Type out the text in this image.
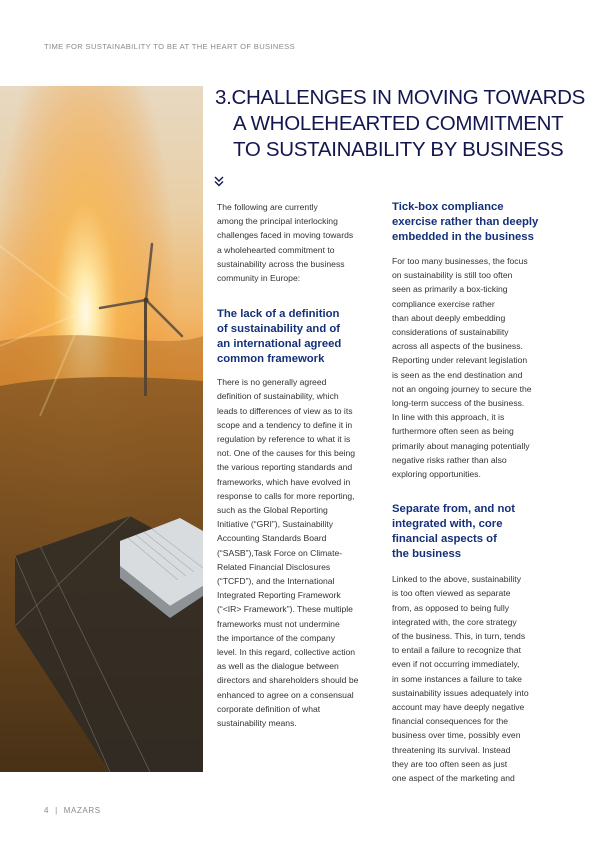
TIME FOR SUSTAINABILITY TO BE AT THE HEART OF BUSINESS
3.CHALLENGES IN MOVING TOWARDS
A WHOLEHEARTED COMMITMENT
TO SUSTAINABILITY BY BUSINESS

The following are currently
among the principal interlocking
challenges faced in moving towards
a wholehearted commitment to
sustainability across the business
community in Europe:

The lack of a definition
of sustainability and of
an international agreed
common framework

There is no generally agreed
definition of sustainability, which
leads to differences of view as to its
scope and a tendency to define it in
regulation by reference to what it is
not. One of the causes for this being
the various reporting standards and
frameworks, which have evolved in
response to calls for more reporting,
such as the Global Reporting
Initiative (“GRI”), Sustainability
Accounting Standards Board
(“SASB”),Task Force on Climate-
Related Financial Disclosures
(“TCFD”), and the International
Integrated Reporting Framework
(“<IR> Framework”). These multiple
frameworks must not undermine
the importance of the company
level. In this regard, collective action
as well as the dialogue between
directors and shareholders should be
enhanced to agree on a consensual
corporate definition of what
sustainability means.

Tick-box compliance
exercise rather than deeply
embedded in the business

For too many businesses, the focus
on sustainability is still too often
seen as primarily a box-ticking
compliance exercise rather
than about deeply embedding
considerations of sustainability
across all aspects of the business.
Reporting under relevant legislation
is seen as the end destination and
not an ongoing journey to secure the
long-term success of the business.
In line with this approach, it is
furthermore often seen as being
primarily about managing potentially
negative risks rather than also
exploring opportunities.

Separate from, and not
integrated with, core
financial aspects of
the business

Linked to the above, sustainability
is too often viewed as separate
from, as opposed to being fully
integrated with, the core strategy
of the business. This, in turn, tends
to entail a failure to recognize that
even if not occurring immediately,
in some instances a failure to take
sustainability issues adequately into
account may have deeply negative
financial consequences for the
business over time, possibly even
threatening its survival. Instead
they are too often seen as just
one aspect of the marketing and

4 | MAZARS
